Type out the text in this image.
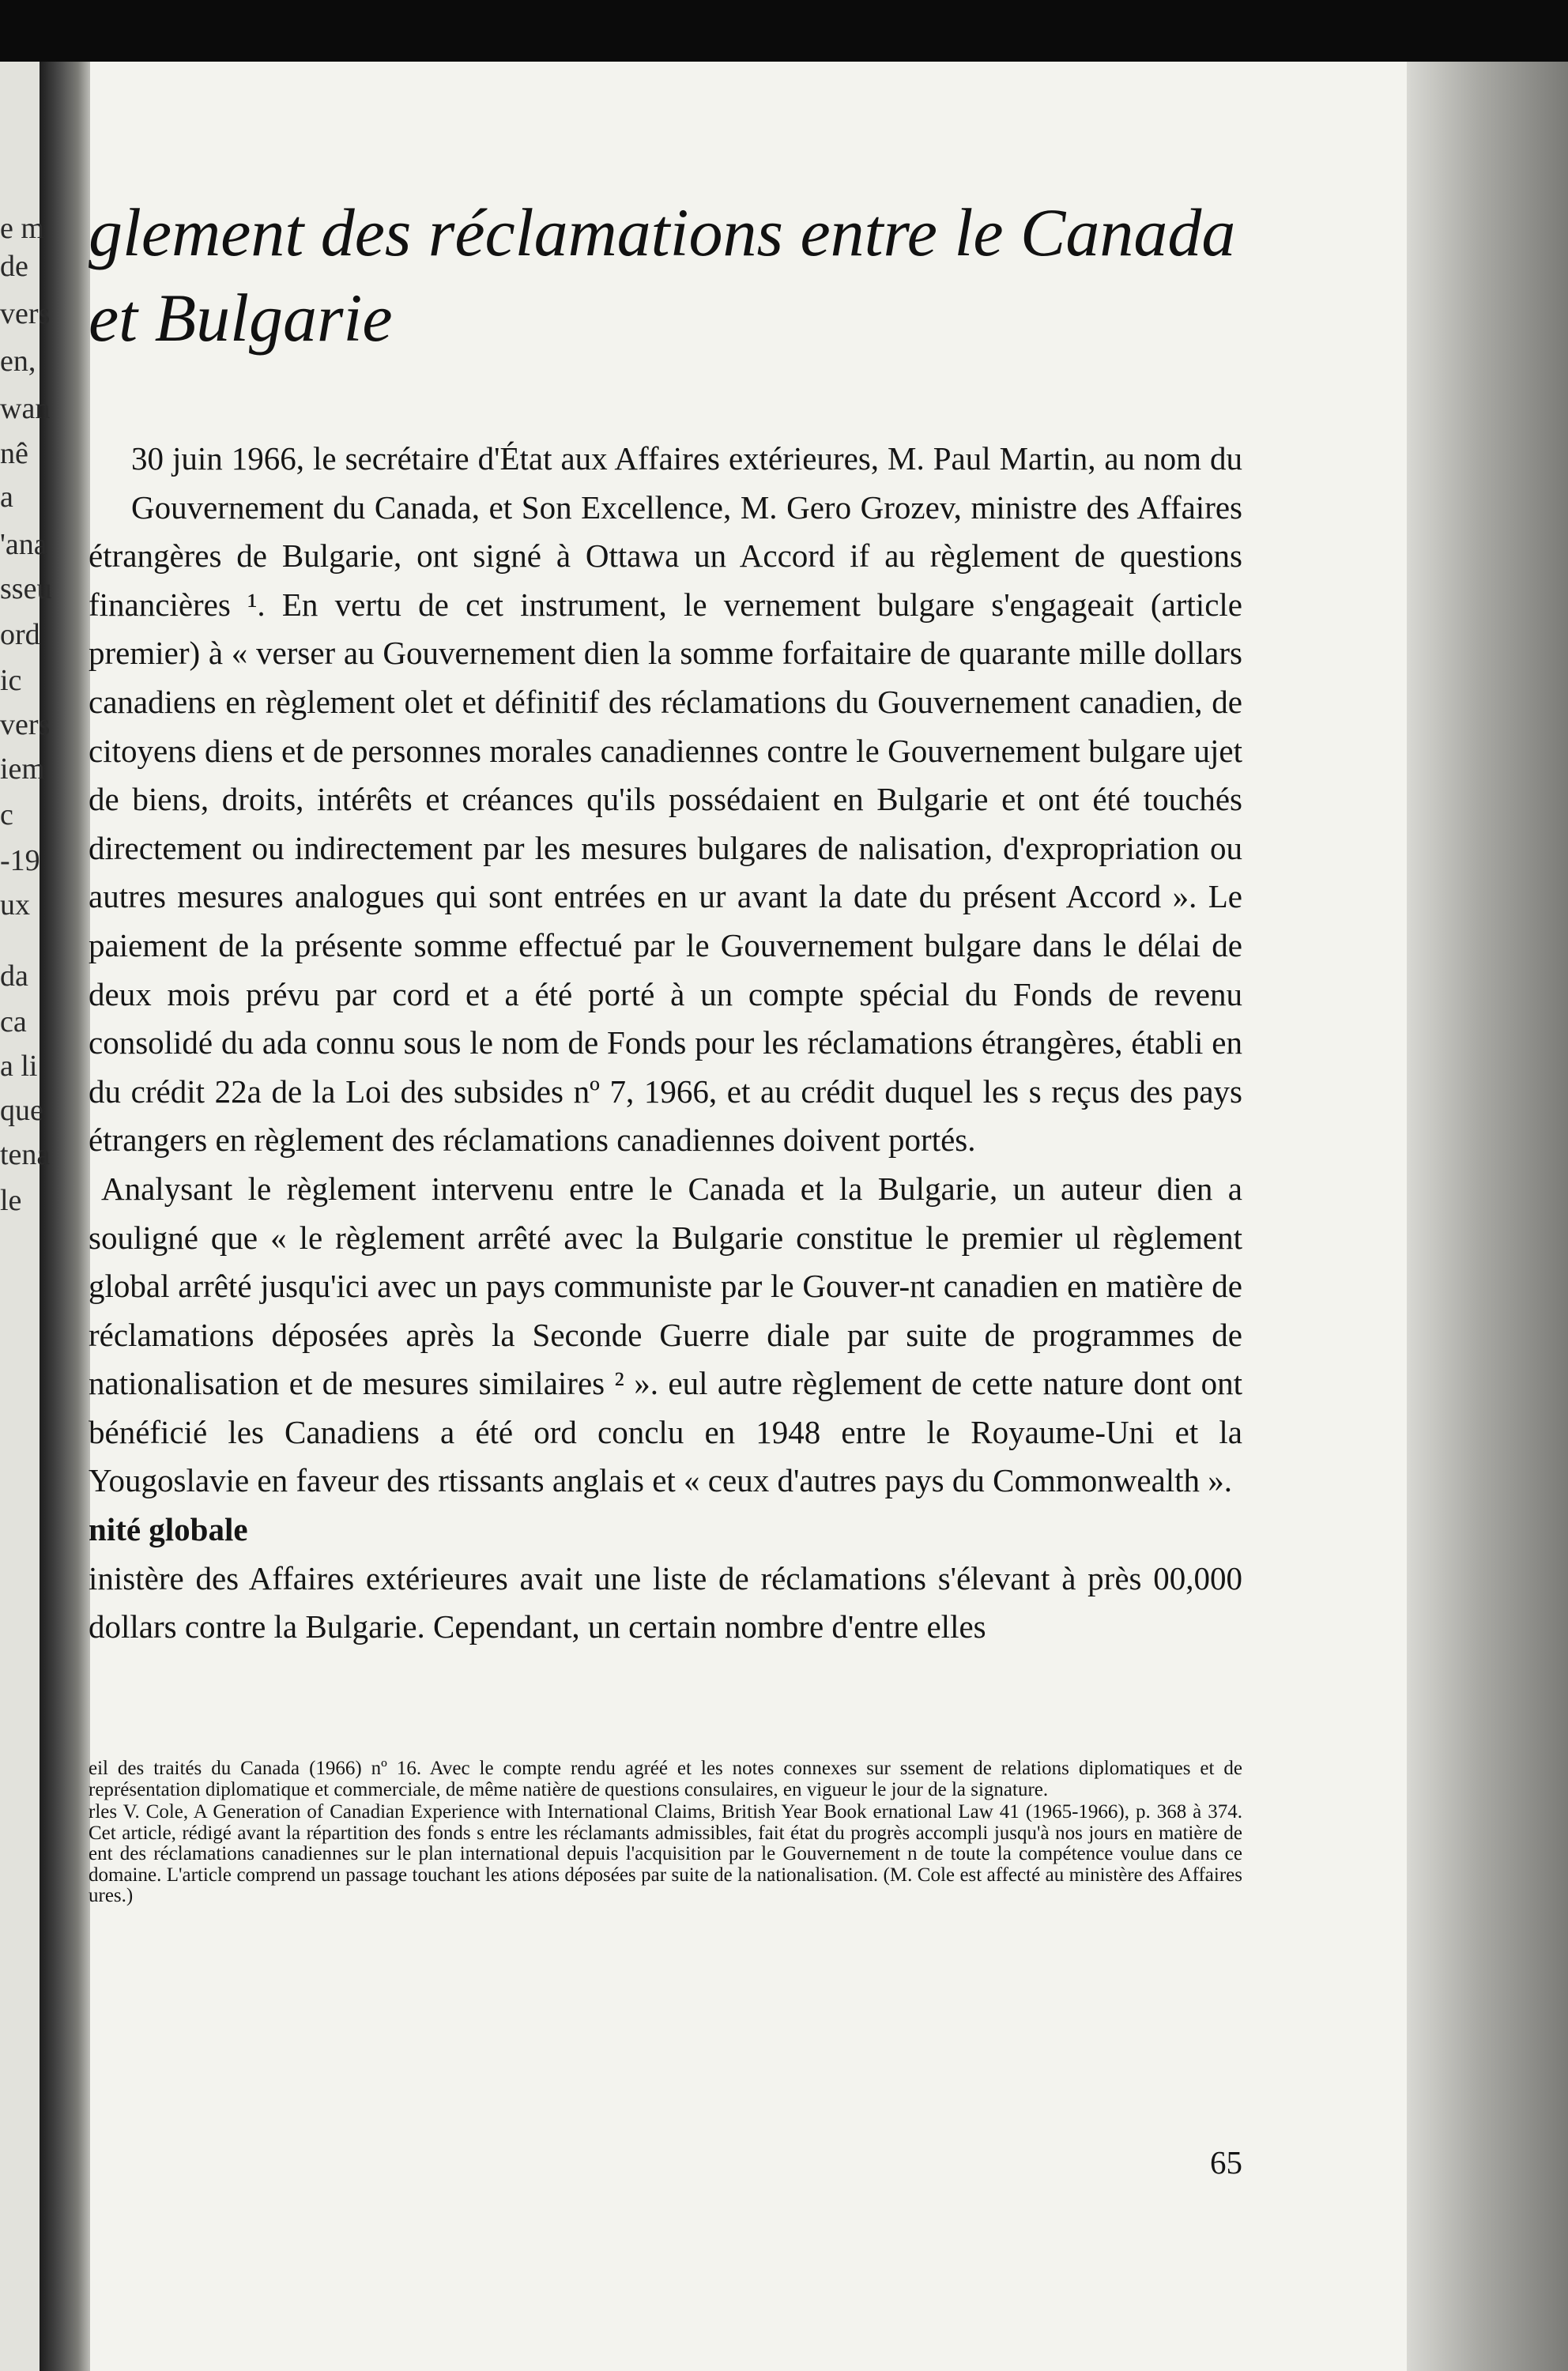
e m
de
vers
en,
wan
nê
a
'ana
sseu
ord
ic
vers
iem
c
-19
ux
da
ca
a li
que
tena
le
glement des réclamations entre le Canada et Bulgarie

30 juin 1966, le secrétaire d'État aux Affaires extérieures, M. Paul Martin, au nom du Gouvernement du Canada, et Son Excellence, M. Gero Grozev, ministre des Affaires étrangères de Bulgarie, ont signé à Ottawa un Accord if au règlement de questions financières ¹. En vertu de cet instrument, le vernement bulgare s'engageait (article premier) à « verser au Gouvernement dien la somme forfaitaire de quarante mille dollars canadiens en règlement olet et définitif des réclamations du Gouvernement canadien, de citoyens diens et de personnes morales canadiennes contre le Gouvernement bulgare ujet de biens, droits, intérêts et créances qu'ils possédaient en Bulgarie et ont été touchés directement ou indirectement par les mesures bulgares de nalisation, d'expropriation ou autres mesures analogues qui sont entrées en ur avant la date du présent Accord ». Le paiement de la présente somme effectué par le Gouvernement bulgare dans le délai de deux mois prévu par cord et a été porté à un compte spécial du Fonds de revenu consolidé du ada connu sous le nom de Fonds pour les réclamations étrangères, établi en du crédit 22a de la Loi des subsides nº 7, 1966, et au crédit duquel les s reçus des pays étrangers en règlement des réclamations canadiennes doivent portés.

Analysant le règlement intervenu entre le Canada et la Bulgarie, un auteur dien a souligné que « le règlement arrêté avec la Bulgarie constitue le premier ul règlement global arrêté jusqu'ici avec un pays communiste par le Gouver-nt canadien en matière de réclamations déposées après la Seconde Guerre diale par suite de programmes de nationalisation et de mesures similaires ² ». eul autre règlement de cette nature dont ont bénéficié les Canadiens a été ord conclu en 1948 entre le Royaume-Uni et la Yougoslavie en faveur des rtissants anglais et « ceux d'autres pays du Commonwealth ».

nité globale

inistère des Affaires extérieures avait une liste de réclamations s'élevant à près 00,000 dollars contre la Bulgarie. Cependant, un certain nombre d'entre elles

eil des traités du Canada (1966) nº 16. Avec le compte rendu agréé et les notes connexes sur ssement de relations diplomatiques et de représentation diplomatique et commerciale, de même natière de questions consulaires, en vigueur le jour de la signature.

rles V. Cole, A Generation of Canadian Experience with International Claims, British Year Book ernational Law 41 (1965-1966), p. 368 à 374. Cet article, rédigé avant la répartition des fonds s entre les réclamants admissibles, fait état du progrès accompli jusqu'à nos jours en matière de ent des réclamations canadiennes sur le plan international depuis l'acquisition par le Gouvernement n de toute la compétence voulue dans ce domaine. L'article comprend un passage touchant les ations déposées par suite de la nationalisation. (M. Cole est affecté au ministère des Affaires ures.)

65
